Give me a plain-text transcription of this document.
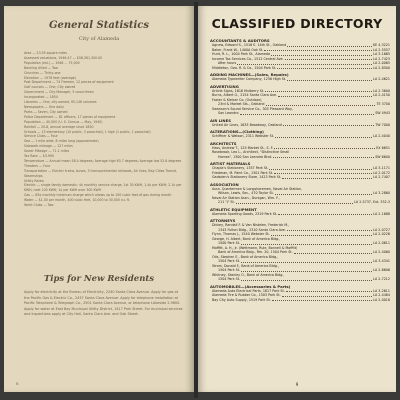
General Statistics
City of Alameda
Area — 23.05 square miles
Assessed valuations, 1946-47 — $58,361,300.00
Population (est.) — 1946 ... 75,000
Banking Allied — Two
Churches — Thirty-one
Elevation — 1976 feet (average)
Post Department — 74 Firemen, 12 pieces of equipment
Golf courses — One, City owned
Government — City Manager, 5 councilmen
Incorporated — 1854
Libraries — One, city owned, 95,146 volumes
Newspapers — One daily
Parks — Seven, City owned
Police Department — 81 officers, 17 pieces of equipment
Population — 40,000 (U. S. Census — May, 1940)
Rainfall — 20.8, annual average since 1850
Schools — 13 elementary (10 public, 3 parochial), 1 high (1 public, 1 parochial)
Service Clubs — Four
Sea — 1 mile wide, 8 miles long (approximate)
Sidewalk mileage — 127 miles
Sewer Mileage — 71.1 miles
Tax Rate — $3.990
Temperature — Annual mean 58.4 degrees; Average high 63.7 degrees; Average low 52.6 degrees
Theaters — Four
Transportation — Electric trains, buses, 3 transcontinental railroads, Air lines, Bay Cities Transit, Steamships
Utility Rates:
Electric — single family domestic: 4¢ monthly service charge, 1st 30 KWH, 1.4¢ per KWH; 2.1¢ per KWH, next 100 KWH; 1¢ per KWH over 300 KWH
Gas — 65¢ monthly minimum charge which allows up to 100 cubic feet of gas during month
Water — $1.00 per month, 400 cubic feet, 10,000 to 30,000 cu. ft.
Yacht Clubs — Two
Tips for New Residents

Apply for electricity at the Bureau of Electricity, 2240 Santa Clara Avenue. Apply for gas at the Pacific Gas & Electric Co., 2437 Santa Clara Avenue. Apply for telephone installation at Pacific Telephone & Telegraph Co., 2501 Santa Clara Avenue, or telephone LAkeside 2-9600. Apply for water at East Bay Municipal Utility District, 1417 Park Street. For municipal services and inspections apply at City Hall, Santa Clara Ave. and Oak Street.

8
CLASSIFIED DIRECTORY
ACCOUNTANTS & AUDITORS
Agnew, Edward S., 1516 E. 14th St., Oakland	KE 4-3221
Baker, Frank W., 1400A Oak St.	LA 2-5557
Hunt, R. L., 1004 Park St., Alameda	LA 3-1665
Income Tax Services Co., 1512 Central Ave.	LA 2-7423
After hours	LA 2-0065
Middleton, Geo. R. & Co., 1504 Park St.	LA 2-8500
ADDING MACHINES—(Sales, Repairs)
Alameda Typewriter Company, 1256 High St.	LA 2-4621
ADVERTISING
Article Signs, 1616 Mulberry St.	LA 2-3600
Burns, Albert G., 2154 Santa Clara Ave.	LA 2-4150
Foster & Kleiser Co. (Outdoor),
23rd & Market Sts., Oakland	TE 3700
Swanson's Sound Service Co., 305 Pleasant Way,
San Leandro	SW 4943
AIR LINES
United Air Lines, 1633 Broadway, Oakland	TW 7000
ALTERATIONS—(Clothing)
Schiffner & Watson, 2311 Webster St.	LA 2-4040
ARCHITECTS
Hass, Andrew T., 125 Market St., S. F.	EX 6651
Rosebrook, Leo L., Architect, "Distinctive Small
Homes", 1300 San Leandro Blvd.	SW 6600
ARTIST MATERIALS
Chapla's Stationery, 1357 Park St.	LA 3-1171
Friedman, M. Paint Co., 1301 Park St.	LA 2-0172
Gadsden's Stationery Store, 1423 Park St.	LA 2-7407
ASSOCIATION
Assn. Quartermen & Longshoremen, Naval Air Station,
Wilson, Lewis, Sec., 470 Taylor St.	LA 3-2860
Naval Air Station Assn., Dunigan, Wm. F.,
211 "J" St.	LA 2-5737, Ext. 332-3
ATHLETIC EQUIPMENT
Alameda Sporting Goods, 2319 Park St.	LA 2-1688
ATTORNEYS
Dickey, Randall F. & Van Nistelen, Frederick M.,
1343 Fulton Bldg., 2310 Santa Clara Ave.	LA 2-0727
Flynn, Thomas J., 1540 Webster St.	LA 2-0226
George, H. Albert, Bank of America Bldg.,
1500 Park St.	LA 2-0611
Moffitt, A. H., Jr. (Wettmann, Rule, Bonnell & Moffitt)
Bank of America Bldg., Rm. 20, 1504 Park St.	LA 2-4060
Otis, Stephen E., Bank of America Bldg.,
1504 Park St.	LA 3-4341
Strom, Donald F., Bank of America Bldg.,
1504 Park St.	LA 2-6606
Whitney, Stanley O., Bank of America Bldg.,
1504 Park St.	LA 2-7212
AUTOMOBILES—(Accessories & Parts)
Alameda Auto Electrical Parts, 1817 Park St.	LA 3-2611
Alameda Tire & Rubber Co., 1503 Park St.	LA 2-4484
Bay City Auto Supply, 1519 Park St.	LA 2-0018
9
